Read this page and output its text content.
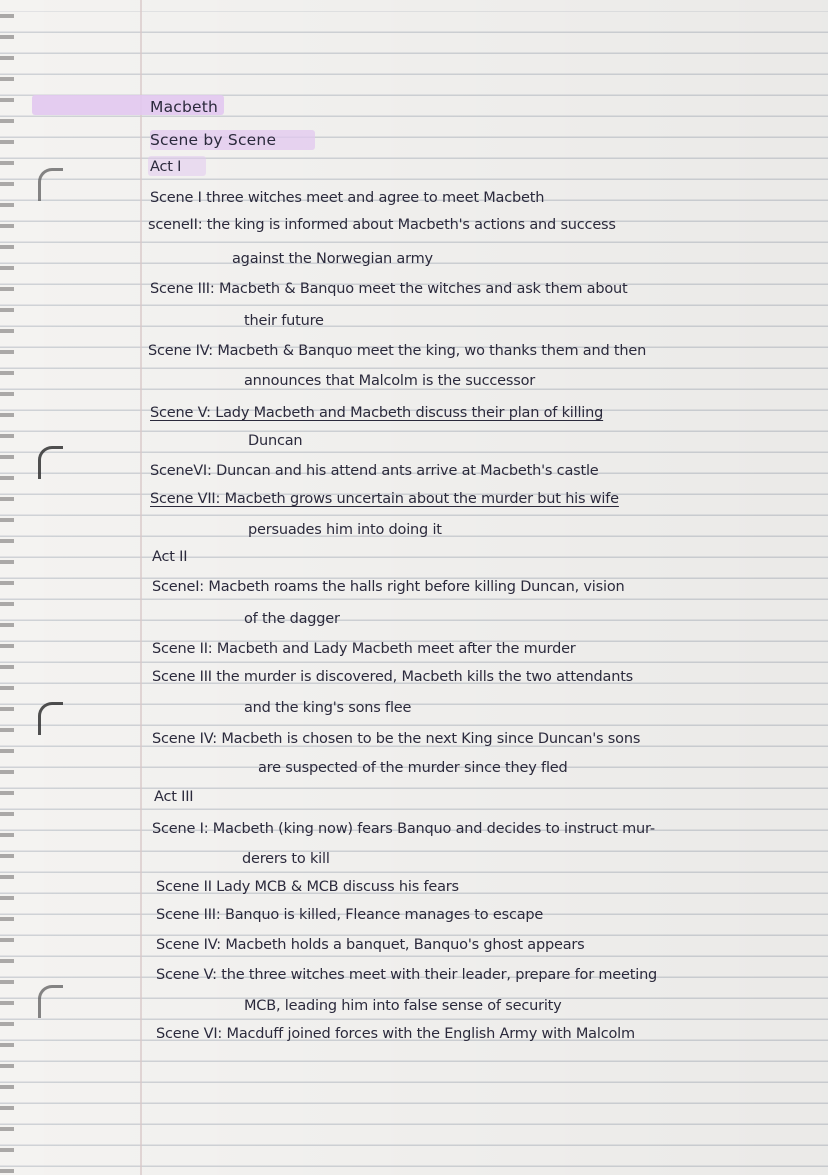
Macbeth

Scene by Scene

Act I

Scene I three witches meet and agree to meet Macbeth

sceneII: the king is informed about Macbeth's actions and success

against the Norwegian army

Scene III: Macbeth & Banquo meet the witches and ask them about

their future

Scene IV: Macbeth & Banquo meet the king, wo thanks them and then

announces that Malcolm is the successor

Scene V: Lady Macbeth and Macbeth discuss their plan of killing

Duncan

SceneVI: Duncan and his attend ants arrive at Macbeth's castle

Scene VII: Macbeth grows uncertain about the murder but his wife

persuades him into doing it

Act II

SceneI: Macbeth roams the halls right before killing Duncan, vision

of the dagger

Scene II: Macbeth and Lady Macbeth meet after the murder

Scene III the murder is discovered, Macbeth kills the two attendants

and the king's sons flee

Scene IV: Macbeth is chosen to be the next King since Duncan's sons

are suspected of the murder since they fled

Act III

Scene I: Macbeth (king now) fears Banquo and decides to instruct mur-

derers to kill

Scene II Lady MCB & MCB discuss his fears

Scene III: Banquo is killed, Fleance manages to escape

Scene IV: Macbeth holds a banquet, Banquo's ghost appears

Scene V: the three witches meet with their leader, prepare for meeting

MCB, leading him into false sense of security

Scene VI: Macduff joined forces with the English Army with Malcolm
